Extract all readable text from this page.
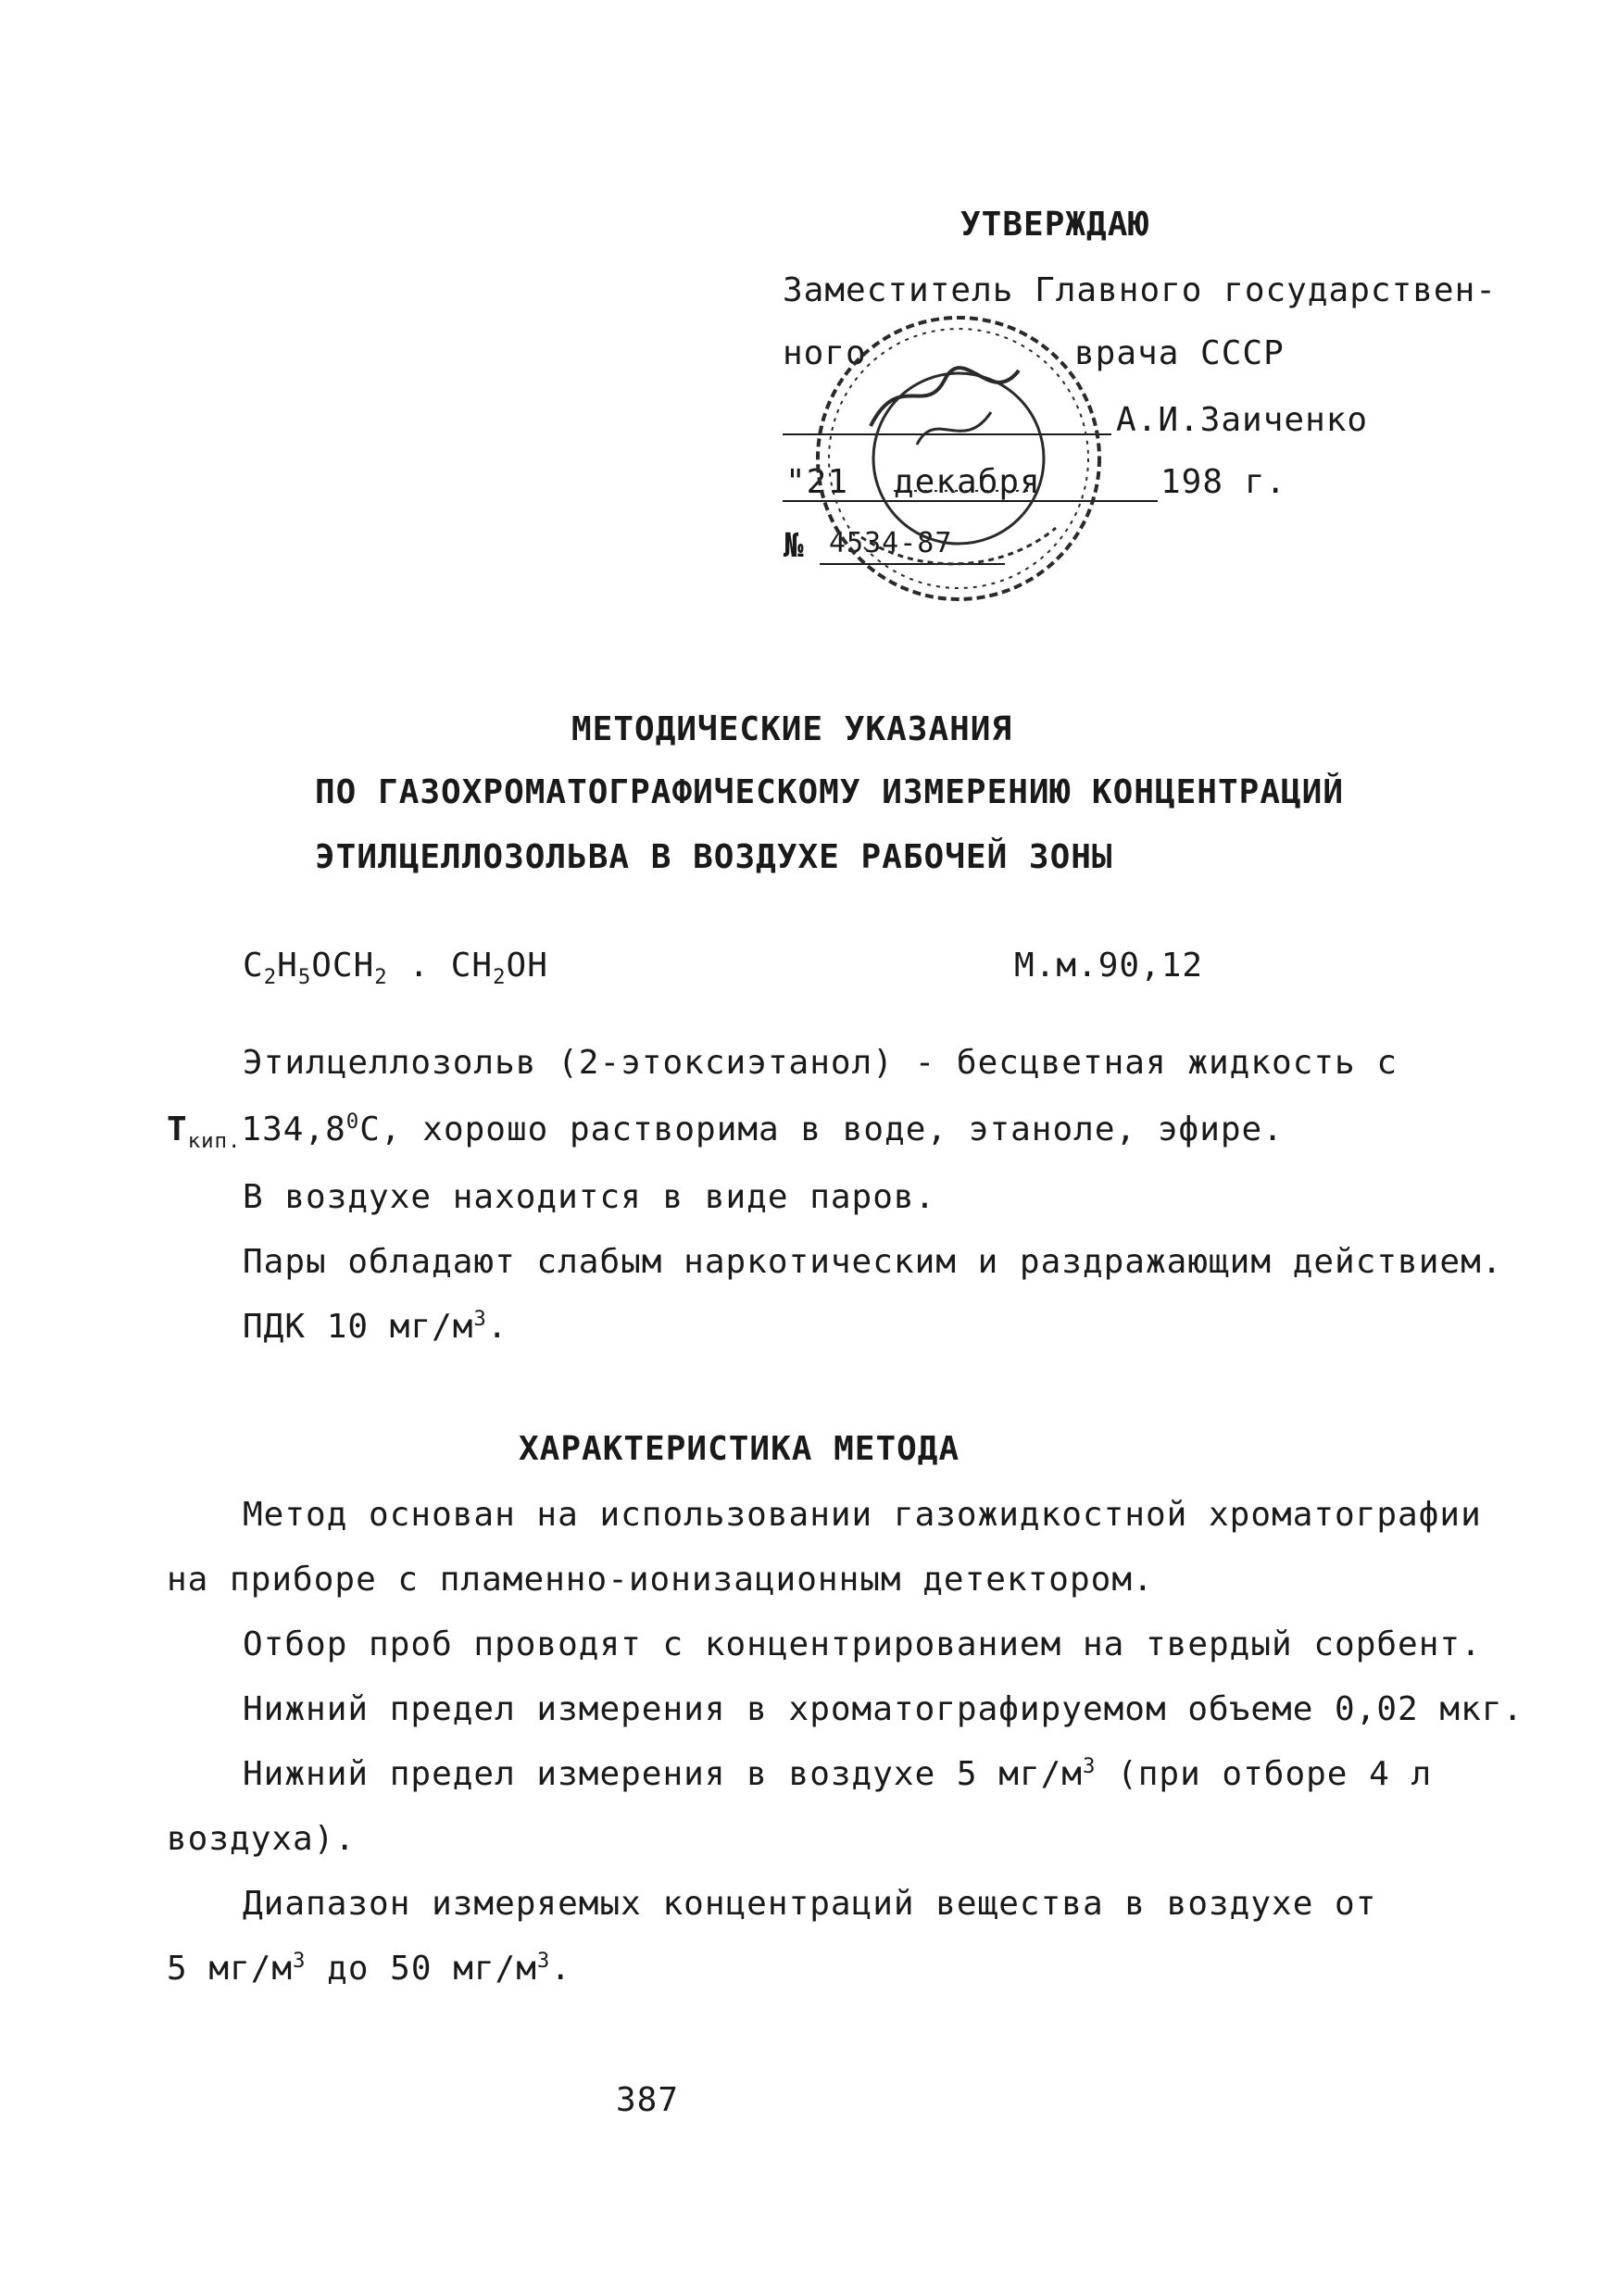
УТВЕРЖДАЮ
Заместитель Главного государствен-
ного	врача СССР
А.И.Заиченко
"21 декабря	198 г.
№ 4534-87
МЕТОДИЧЕСКИЕ УКАЗАНИЯ
ПО ГАЗОХРОМАТОГРАФИЧЕСКОМУ ИЗМЕРЕНИЮ КОНЦЕНТРАЦИЙ
ЭТИЛЦЕЛЛОЗОЛЬВА В ВОЗДУХЕ РАБОЧЕЙ ЗОНЫ
$C_2H_5OCH_2$ . $CH_2OH$	М.м.90,12
Этилцеллозольв (2-этоксиэтанол) - бесцветная жидкость с
$Т_{кип.}134,8^0С$, хорошо растворима в воде, этаноле, эфире.
В воздухе находится в виде паров.
Пары обладают слабым наркотическим и раздражающим действием.
ПДК 10 $мг/м^3$.
ХАРАКТЕРИСТИКА МЕТОДА
Метод основан на использовании газожидкостной хроматографии
на приборе с пламенно-ионизационным детектором.
Отбор проб проводят с концентрированием на твердый сорбент.
Нижний предел измерения в хроматографируемом объеме 0,02 мкг.
Нижний предел измерения в воздухе 5 $мг/м^3$ (при отборе 4 л
воздуха).
Диапазон измеряемых концентраций вещества в воздухе от
5 $мг/м^3$ до 50 $мг/м^3$.
387
